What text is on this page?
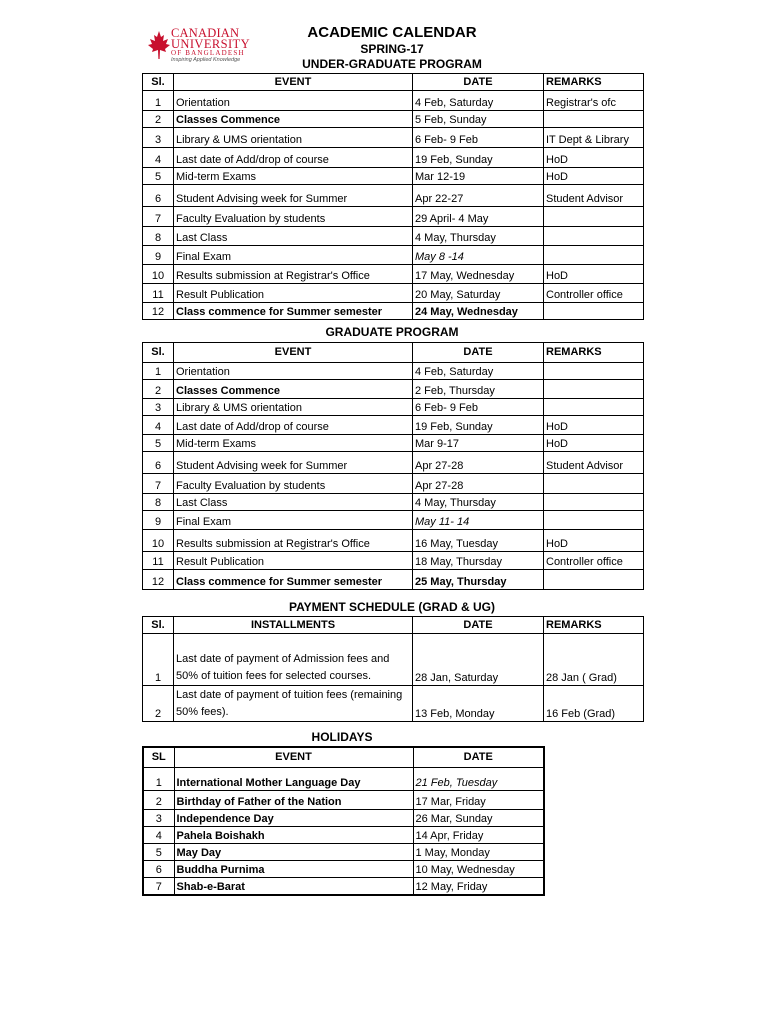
CANADIAN
UNIVERSITY
OF BANGLADESH
Inspiring Applied Knowledge
ACADEMIC CALENDAR
SPRING-17
UNDER-GRADUATE PROGRAM
Sl.	EVENT	DATE	REMARKS
1	Orientation	4 Feb, Saturday	Registrar's ofc
2	Classes Commence	5 Feb, Sunday	
3	Library & UMS orientation	6 Feb- 9 Feb	IT Dept & Library
4	Last date of Add/drop of course	19 Feb, Sunday	HoD
5	Mid-term Exams	Mar 12-19	HoD
6	Student Advising week for Summer	Apr 22-27	Student Advisor
7	Faculty Evaluation by students	29 April- 4 May	
8	Last Class	4 May, Thursday	
9	Final Exam	May 8 -14	
10	Results submission at Registrar's Office	17 May, Wednesday	HoD
11	Result Publication	20 May, Saturday	Controller office
12	Class commence for Summer semester	24 May, Wednesday	
GRADUATE PROGRAM
Sl.	EVENT	DATE	REMARKS
1	Orientation	4 Feb, Saturday	
2	Classes Commence	2 Feb, Thursday	
3	Library & UMS orientation	6 Feb- 9 Feb	
4	Last date of Add/drop of course	19 Feb, Sunday	HoD
5	Mid-term Exams	Mar 9-17	HoD
6	Student Advising week for Summer	Apr 27-28	Student Advisor
7	Faculty Evaluation by students	Apr 27-28	
8	Last Class	4 May, Thursday	
9	Final Exam	May 11- 14	
10	Results submission at Registrar's Office	16 May, Tuesday	HoD
11	Result Publication	18 May, Thursday	Controller office
12	Class commence for Summer semester	25 May, Thursday	
PAYMENT SCHEDULE (GRAD & UG)
Sl.	INSTALLMENTS	DATE	REMARKS
1	Last date of payment of Admission fees and 50% of tuition fees for selected courses.	28 Jan, Saturday	28 Jan ( Grad)
2	Last date of payment of tuition fees (remaining 50% fees).	13 Feb, Monday	16 Feb (Grad)
HOLIDAYS
SL	EVENT	DATE
1	International Mother Language Day	21 Feb, Tuesday
2	Birthday of Father of the Nation	17 Mar, Friday
3	Independence Day	26 Mar, Sunday
4	Pahela Boishakh	14 Apr, Friday
5	May Day	1 May, Monday
6	Buddha Purnima	10 May, Wednesday
7	Shab-e-Barat	12 May, Friday
